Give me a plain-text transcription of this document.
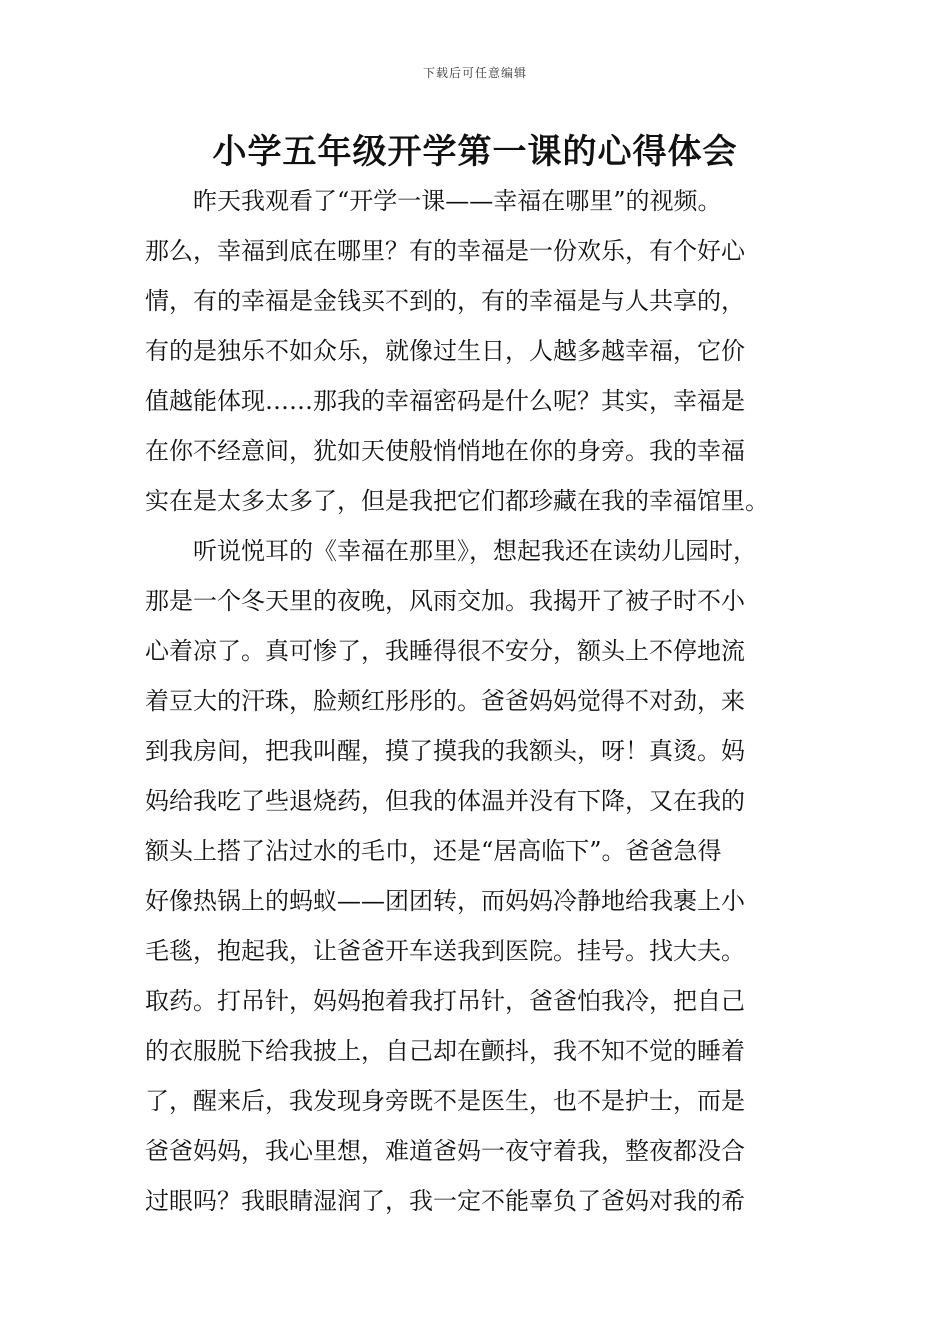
下载后可任意编辑
小学五年级开学第一课的心得体会
昨天我观看了“开学一课——幸福在哪里”的视频。
那么，幸福到底在哪里？有的幸福是一份欢乐，有个好心
情，有的幸福是金钱买不到的，有的幸福是与人共享的，
有的是独乐不如众乐，就像过生日，人越多越幸福，它价
值越能体现……那我的幸福密码是什么呢？其实，幸福是
在你不经意间，犹如天使般悄悄地在你的身旁。我的幸福
实在是太多太多了，但是我把它们都珍藏在我的幸福馆里。
听说悦耳的《幸福在那里》，想起我还在读幼儿园时，
那是一个冬天里的夜晚，风雨交加。我揭开了被子时不小
心着凉了。真可惨了，我睡得很不安分，额头上不停地流
着豆大的汗珠，脸颊红彤彤的。爸爸妈妈觉得不对劲，来
到我房间，把我叫醒，摸了摸我的我额头，呀！真烫。妈
妈给我吃了些退烧药，但我的体温并没有下降，又在我的
额头上搭了沾过水的毛巾，还是“居高临下”。爸爸急得
好像热锅上的蚂蚁——团团转，而妈妈冷静地给我裹上小
毛毯，抱起我，让爸爸开车送我到医院。挂号。找大夫。
取药。打吊针，妈妈抱着我打吊针，爸爸怕我冷，把自己
的衣服脱下给我披上，自己却在颤抖，我不知不觉的睡着
了，醒来后，我发现身旁既不是医生，也不是护士，而是
爸爸妈妈，我心里想，难道爸妈一夜守着我，整夜都没合
过眼吗？我眼睛湿润了，我一定不能辜负了爸妈对我的希
